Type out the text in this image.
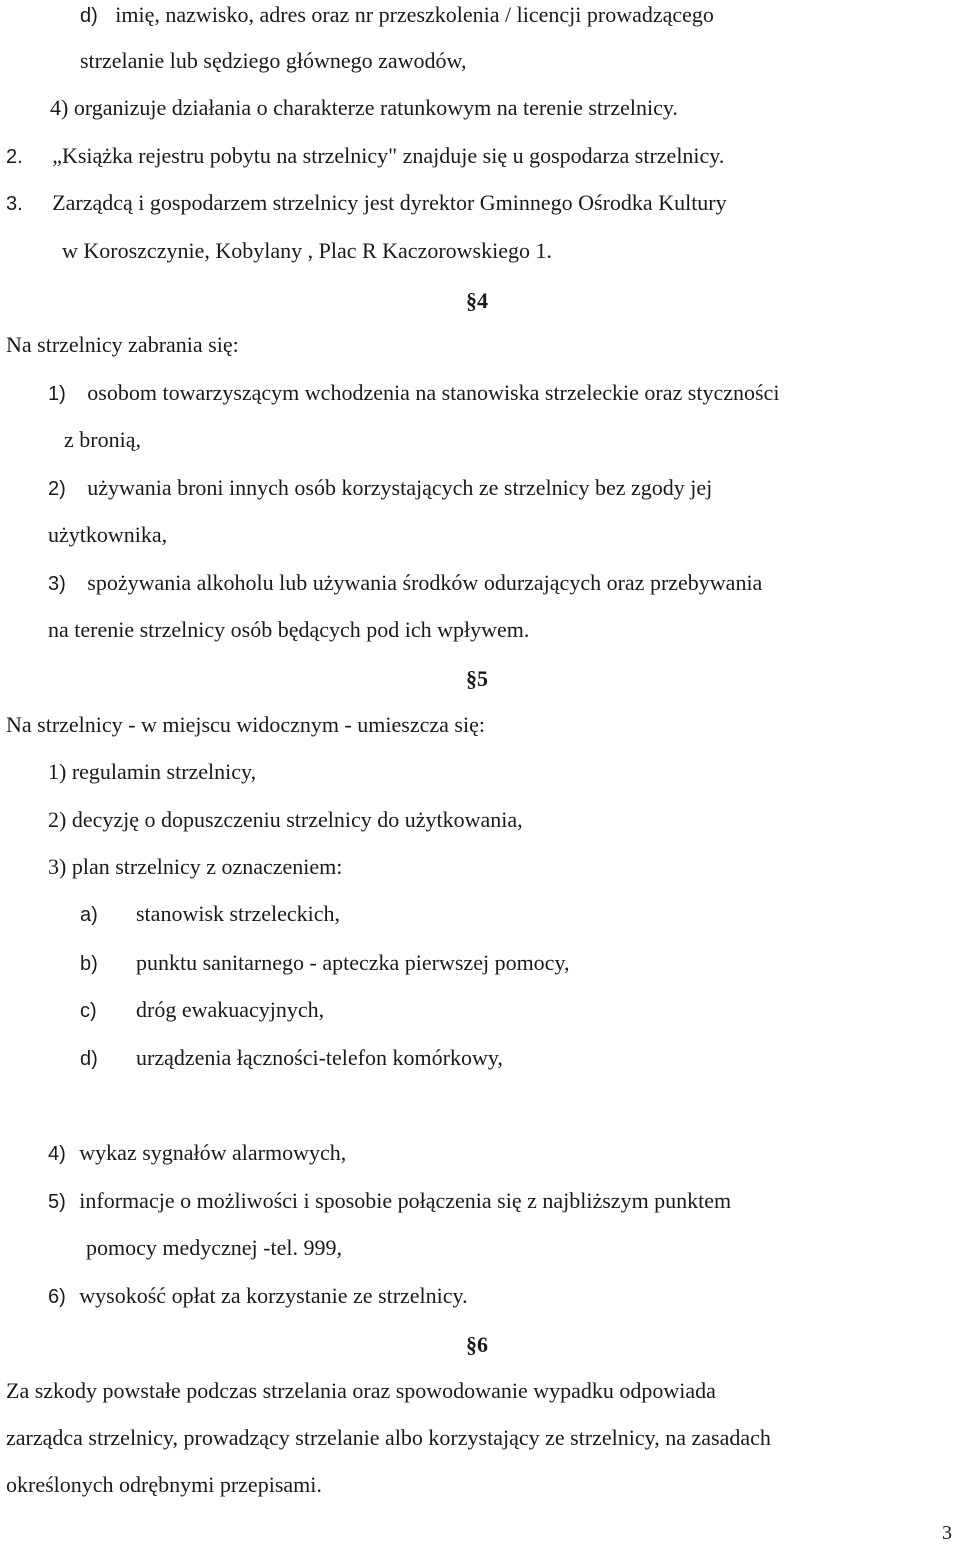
d) imię, nazwisko, adres oraz nr przeszkolenia / licencji prowadzącego
strzelanie lub sędziego głównego zawodów,
4) organizuje działania o charakterze ratunkowym na terenie strzelnicy.
2. „Książka rejestru pobytu na strzelnicy" znajduje się u gospodarza strzelnicy.
3. Zarządcą i gospodarzem strzelnicy jest dyrektor Gminnego Ośrodka Kultury
w Koroszczynie, Kobylany , Plac R Kaczorowskiego 1.
§4
Na strzelnicy zabrania się:
1) osobom towarzyszącym wchodzenia na stanowiska strzeleckie oraz styczności
z bronią,
2) używania broni innych osób korzystających ze strzelnicy bez zgody jej
użytkownika,
3) spożywania alkoholu lub używania środków odurzających oraz przebywania
na terenie strzelnicy osób będących pod ich wpływem.
§5
Na strzelnicy - w miejscu widocznym - umieszcza się:
1) regulamin strzelnicy,
2) decyzję o dopuszczeniu strzelnicy do użytkowania,
3) plan strzelnicy z oznaczeniem:
a) stanowisk strzeleckich,
b) punktu sanitarnego - apteczka pierwszej pomocy,
c) dróg ewakuacyjnych,
d) urządzenia łączności-telefon komórkowy,
4) wykaz sygnałów alarmowych,
5) informacje o możliwości i sposobie połączenia się z najbliższym punktem
pomocy medycznej -tel. 999,
6) wysokość opłat za korzystanie ze strzelnicy.
§6
Za szkody powstałe podczas strzelania oraz spowodowanie wypadku odpowiada
zarządca strzelnicy, prowadzący strzelanie albo korzystający ze strzelnicy, na zasadach
określonych odrębnymi przepisami.
3
